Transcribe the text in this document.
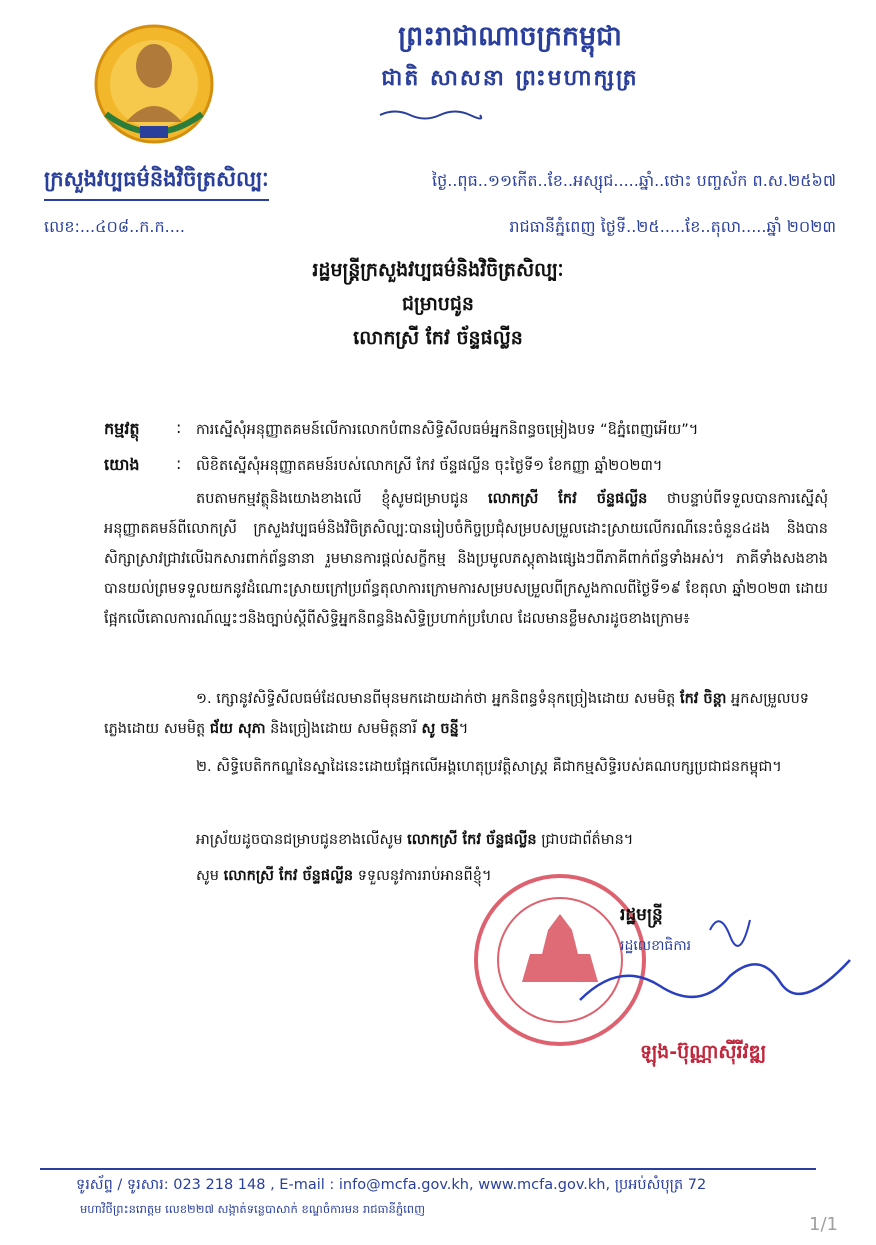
ព្រះរាជាណាចក្រកម្ពុជា
ជាតិ សាសនា ព្រះមហាក្សត្រ
ក្រសួងវប្បធម៌និងវិចិត្រសិល្បៈ
លេខ:...៤០៨..ក.ក....
ថ្ងៃ..ពុធ..១១កើត..ខែ..អស្សុជ.....ឆ្នាំ..ថោះ បញ្ចស័ក ព.ស.២៥៦៧
រាជធានីភ្នំពេញ ថ្ងៃទី..២៥.....ខែ..តុលា.....ឆ្នាំ ២០២៣
រដ្ឋមន្ត្រីក្រសួងវប្បធម៌និងវិចិត្រសិល្បៈ
ជម្រាបជូន
លោកស្រី កែវ ច័ន្ទផល្លីន
កម្មវត្ថុ : ការស្នើសុំអនុញ្ញាតគមន៍លើការលោកបំពានសិទ្ធិសីលធម៌អ្នកនិពន្ធចម្រៀងបទ “ឱភ្នំពេញអើយ”។
យោង : លិខិតស្នើសុំអនុញ្ញាតគមន៍របស់លោកស្រី កែវ ច័ន្ទផល្លីន ចុះថ្ងៃទី១ ខែកញ្ញា ឆ្នាំ២០២៣។
តបតាមកម្មវត្ថុនិងយោងខាងលើ ខ្ញុំសូមជម្រាបជូន លោកស្រី កែវ ច័ន្ទផល្លីន ថាបន្ទាប់ពីទទួលបានការស្នើសុំអនុញ្ញាតគមន៍ពីលោកស្រី ក្រសួងវប្បធម៌និងវិចិត្រសិល្បៈបានរៀបចំកិច្ចប្រជុំសម្របសម្រួលដោះស្រាយលើករណីនេះចំនួន៤ដង និងបានសិក្សាស្រាវជ្រាវលើឯកសារពាក់ព័ន្ធនានា រួមមានការផ្តល់សក្ខីកម្ម និងប្រមូលភស្តុតាងផ្សេងៗពីភាគីពាក់ព័ន្ធទាំងអស់។ ភាគីទាំងសងខាងបានយល់ព្រមទទួលយកនូវដំណោះស្រាយក្រៅប្រព័ន្ធតុលាការក្រោមការសម្របសម្រួលពីក្រសួងកាលពីថ្ងៃទី១៩ ខែតុលា ឆ្នាំ២០២៣ ដោយផ្អែកលើគោលការណ៍ឈ្នះៗនិងច្បាប់ស្តីពីសិទ្ធិអ្នកនិពន្ធនិងសិទ្ធិប្រហាក់ប្រហែល ដែលមានខ្លឹមសារដូចខាងក្រោម៖
១. ក្សោនូវសិទ្ធិសីលធម៌ដែលមានពីមុនមកដោយដាក់ថា អ្នកនិពន្ធទំនុកច្រៀងដោយ សមមិត្ត កែវ ចិន្តា អ្នកសម្រួលបទភ្លេងដោយ សមមិត្ត ជ័យ សុភា និងច្រៀងដោយ សមមិត្តនារី សូ ចន្នី។
២. សិទ្ធិបេតិកកណ្ឌនៃស្នាដៃនេះដោយផ្អែកលើអង្គហេតុប្រវត្តិសាស្ត្រ គឺជាកម្មសិទ្ធិរបស់គណបក្សប្រជាជនកម្ពុជា។
អាស្រ័យដូចបានជម្រាបជូនខាងលើសូម លោកស្រី កែវ ច័ន្ទផល្លីន ជ្រាបជាព័ត៌មាន។
សូម លោកស្រី កែវ ច័ន្ទផល្លីន ទទួលនូវការរាប់អានពីខ្ញុំ។
រដ្ឋមន្ត្រី
រដ្ឋលេខាធិការ
ឡុង-ប៊ុណ្ណាស៊ីរីវឌ្ឍ
ទូរស័ព្ទ / ទូរសារ: 023 218 148 , E-mail : info@mcfa.gov.kh, www.mcfa.gov.kh, ប្រអប់សំបុត្រ 72
មហាវិថីព្រះនរោត្តម លេខ២២៧ សង្កាត់ទន្លេបាសាក់ ខណ្ឌចំការមន រាជធានីភ្នំពេញ
1/1
